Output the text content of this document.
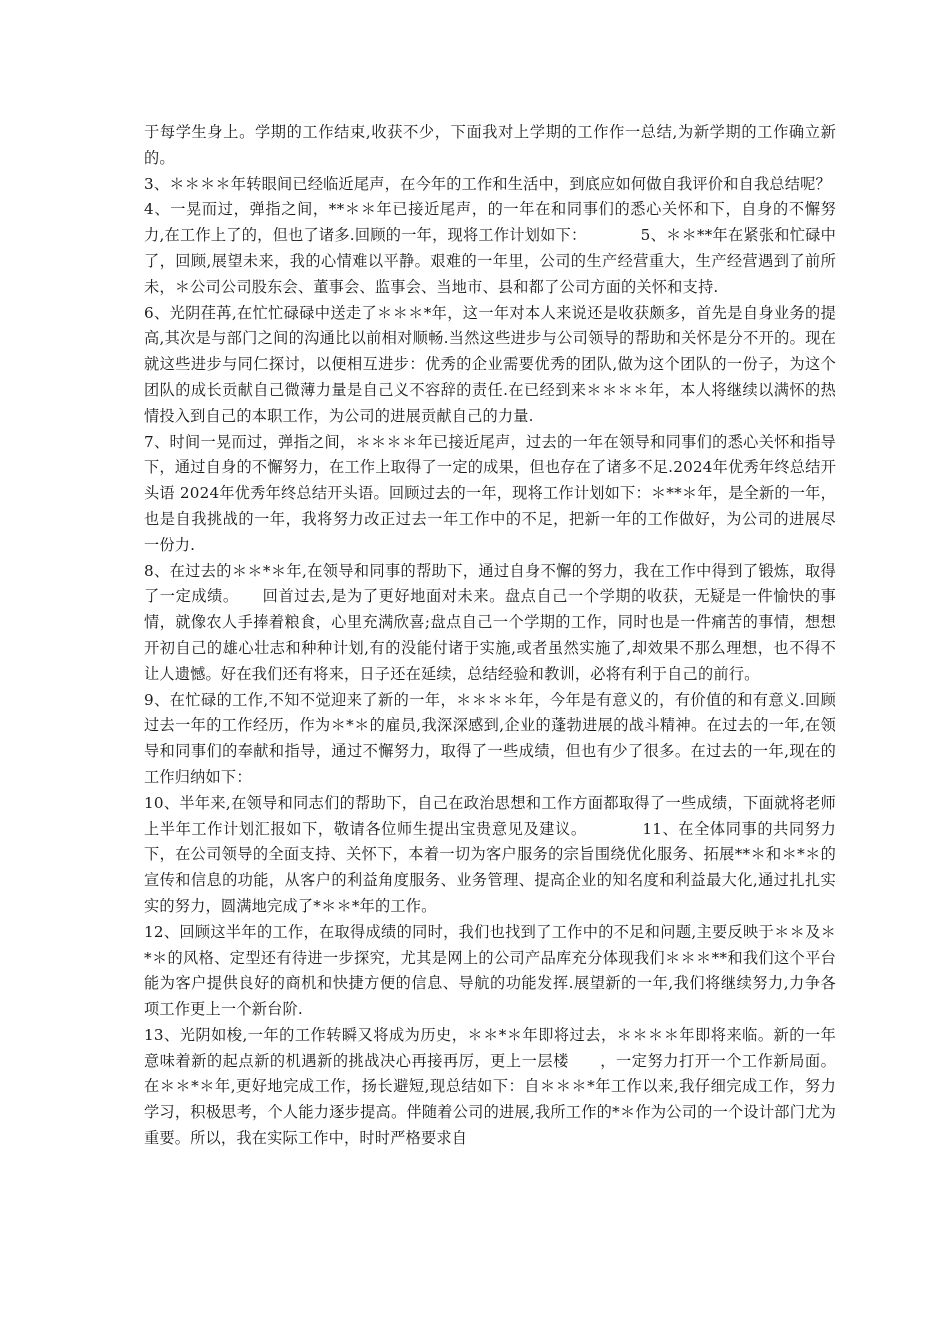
于每学生身上。学期的工作结束,收获不少，下面我对上学期的工作作一总结,为新学期的工作确立新的。

3、＊＊＊＊年转眼间已经临近尾声，在今年的工作和生活中，到底应如何做自我评价和自我总结呢？

4、一晃而过，弹指之间，**＊＊年已接近尾声，的一年在和同事们的悉心关怀和下，自身的不懈努力,在工作上了的，但也了诸多.回顾的一年，现将工作计划如下：　　　　5、＊＊**年在紧张和忙碌中了，回顾,展望未来，我的心情难以平静。艰难的一年里，公司的生产经营重大，生产经营遇到了前所未，＊公司公司股东会、董事会、监事会、当地市、县和都了公司方面的关怀和支持.

6、光阴荏苒,在忙忙碌碌中送走了＊＊＊*年，这一年对本人来说还是收获颇多，首先是自身业务的提高,其次是与部门之间的沟通比以前相对顺畅.当然这些进步与公司领导的帮助和关怀是分不开的。现在就这些进步与同仁探讨，以便相互进步：优秀的企业需要优秀的团队,做为这个团队的一份子，为这个团队的成长贡献自己微薄力量是自己义不容辞的责任.在已经到来＊＊＊＊年，本人将继续以满怀的热情投入到自己的本职工作，为公司的进展贡献自己的力量.

7、时间一晃而过，弹指之间，＊＊＊＊年已接近尾声，过去的一年在领导和同事们的悉心关怀和指导下，通过自身的不懈努力，在工作上取得了一定的成果，但也存在了诸多不足.2024年优秀年终总结开头语 2024年优秀年终总结开头语。回顾过去的一年，现将工作计划如下：＊**＊年，是全新的一年，也是自我挑战的一年，我将努力改正过去一年工作中的不足，把新一年的工作做好，为公司的进展尽一份力.

8、在过去的＊＊*＊年,在领导和同事的帮助下，通过自身不懈的努力，我在工作中得到了锻炼，取得了一定成绩。　　回首过去,是为了更好地面对未来。盘点自己一个学期的收获，无疑是一件愉快的事情，就像农人手捧着粮食，心里充满欣喜;盘点自己一个学期的工作，同时也是一件痛苦的事情，想想开初自己的雄心壮志和种种计划,有的没能付诸于实施,或者虽然实施了,却效果不那么理想，也不得不让人遗憾。好在我们还有将来，日子还在延续，总结经验和教训，必将有利于自己的前行。

9、在忙碌的工作,不知不觉迎来了新的一年，＊＊＊＊年，今年是有意义的，有价值的和有意义.回顾过去一年的工作经历，作为＊*＊的雇员,我深深感到,企业的蓬勃进展的战斗精神。在过去的一年,在领导和同事们的奉献和指导，通过不懈努力，取得了一些成绩，但也有少了很多。在过去的一年,现在的工作归纳如下：

10、半年来,在领导和同志们的帮助下，自己在政治思想和工作方面都取得了一些成绩，下面就将老师上半年工作计划汇报如下，敬请各位师生提出宝贵意见及建议。　　　　11、在全体同事的共同努力下，在公司领导的全面支持、关怀下，本着一切为客户服务的宗旨围绕优化服务、拓展**＊和＊*＊的宣传和信息的功能，从客户的利益角度服务、业务管理、提高企业的知名度和利益最大化,通过扎扎实实的努力，圆满地完成了*＊＊*年的工作。

12、回顾这半年的工作，在取得成绩的同时，我们也找到了工作中的不足和问题,主要反映于＊＊及＊*＊的风格、定型还有待进一步探究，尤其是网上的公司产品库充分体现我们＊＊＊**和我们这个平台能为客户提供良好的商机和快捷方便的信息、导航的功能发挥.展望新的一年,我们将继续努力,力争各项工作更上一个新台阶.

13、光阴如梭,一年的工作转瞬又将成为历史，＊＊*＊年即将过去，＊＊＊＊年即将来临。新的一年意味着新的起点新的机遇新的挑战决心再接再厉，更上一层楼　　，一定努力打开一个工作新局面。在＊＊*＊年,更好地完成工作，扬长避短,现总结如下：自＊＊＊*年工作以来,我仔细完成工作，努力学习，积极思考，个人能力逐步提高。伴随着公司的进展,我所工作的*＊作为公司的一个设计部门尤为重要。所以，我在实际工作中，时时严格要求自
